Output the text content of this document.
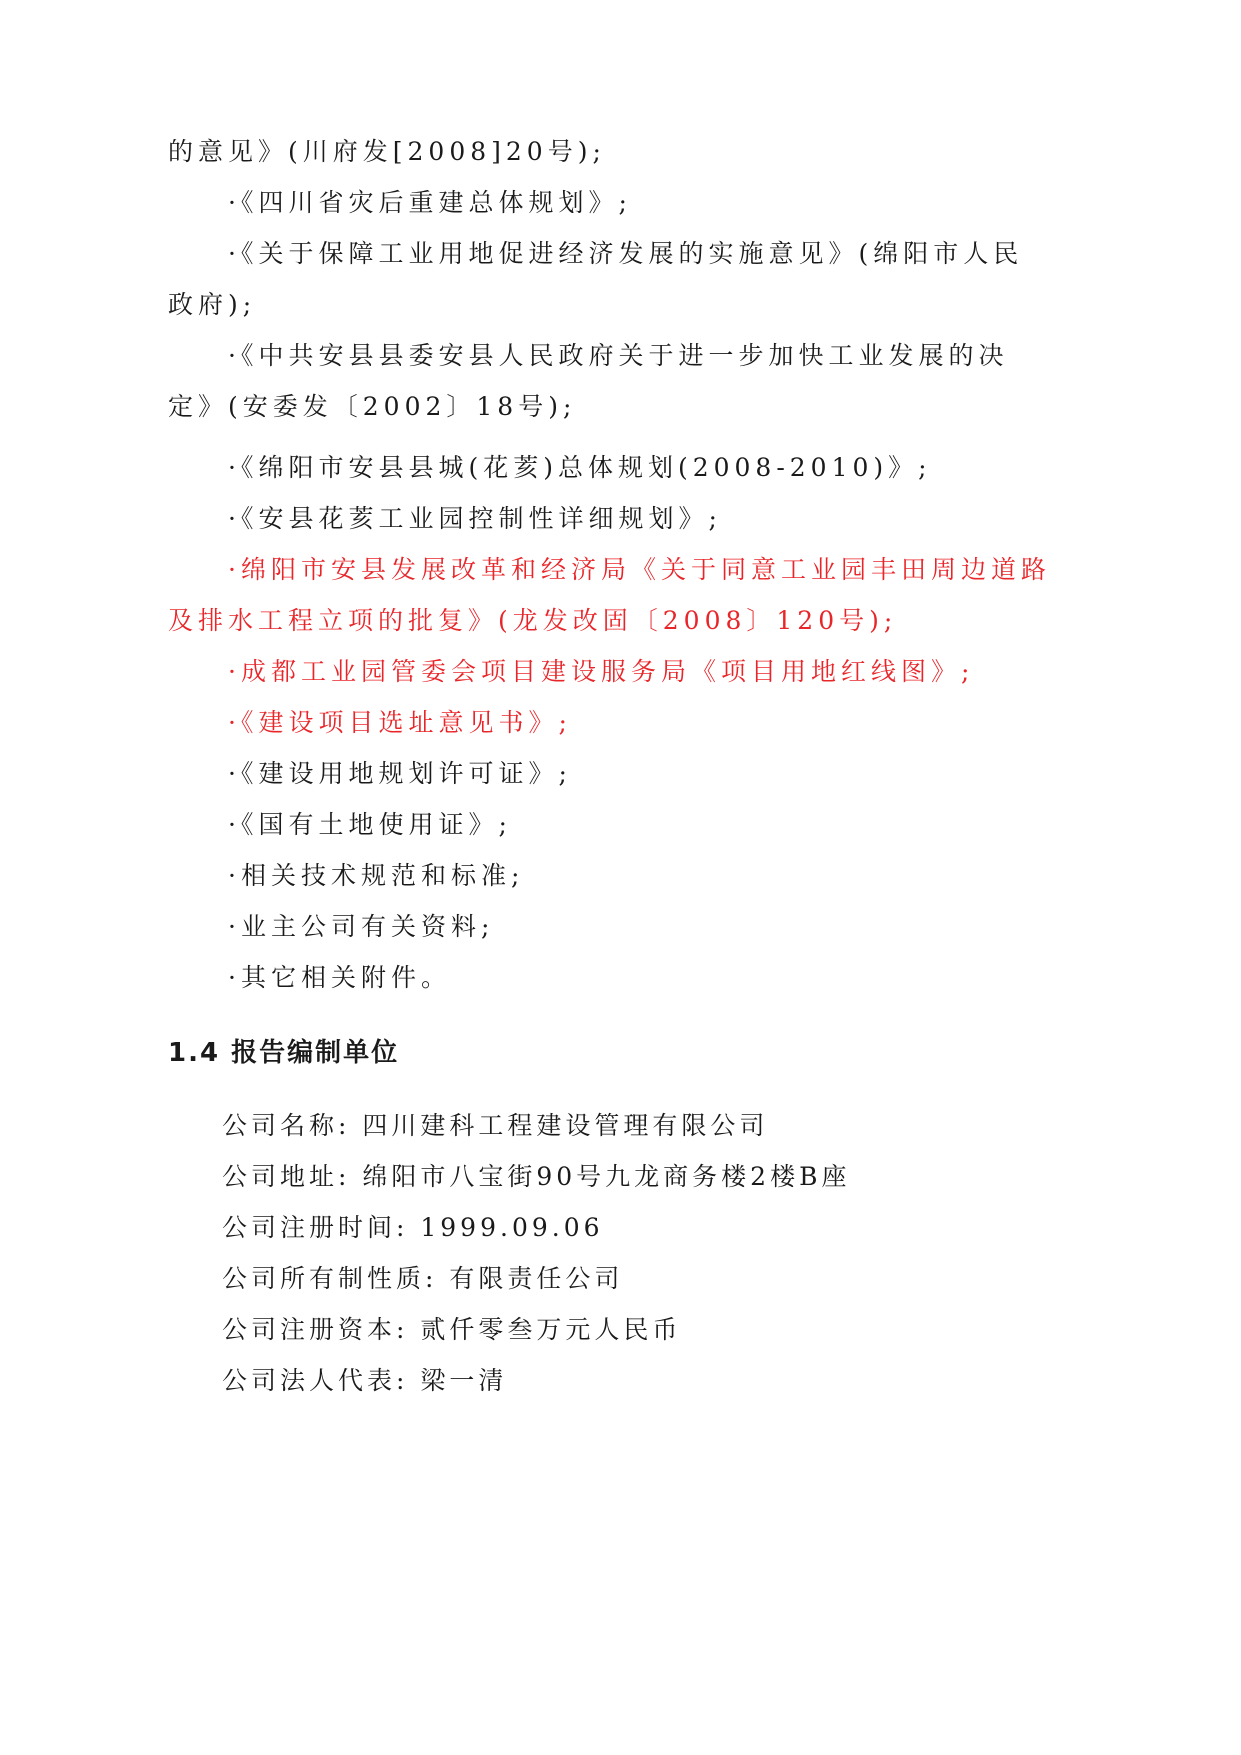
的意见》(川府发[2008]20号);
·《四川省灾后重建总体规划》;
·《关于保障工业用地促进经济发展的实施意见》(绵阳市人民
政府);
·《中共安县县委安县人民政府关于进一步加快工业发展的决
定》(安委发〔2002〕18号);
·《绵阳市安县县城(花荄)总体规划(2008-2010)》;
·《安县花荄工业园控制性详细规划》;
·绵阳市安县发展改革和经济局《关于同意工业园丰田周边道路
及排水工程立项的批复》(龙发改固〔2008〕120号);
·成都工业园管委会项目建设服务局《项目用地红线图》;
·《建设项目选址意见书》;
·《建设用地规划许可证》;
·《国有土地使用证》;
·相关技术规范和标准;
·业主公司有关资料;
·其它相关附件。
1.4 报告编制单位
公司名称: 四川建科工程建设管理有限公司
公司地址: 绵阳市八宝街90号九龙商务楼2楼B座
公司注册时间: 1999.09.06
公司所有制性质: 有限责任公司
公司注册资本: 贰仟零叁万元人民币
公司法人代表: 梁一清
